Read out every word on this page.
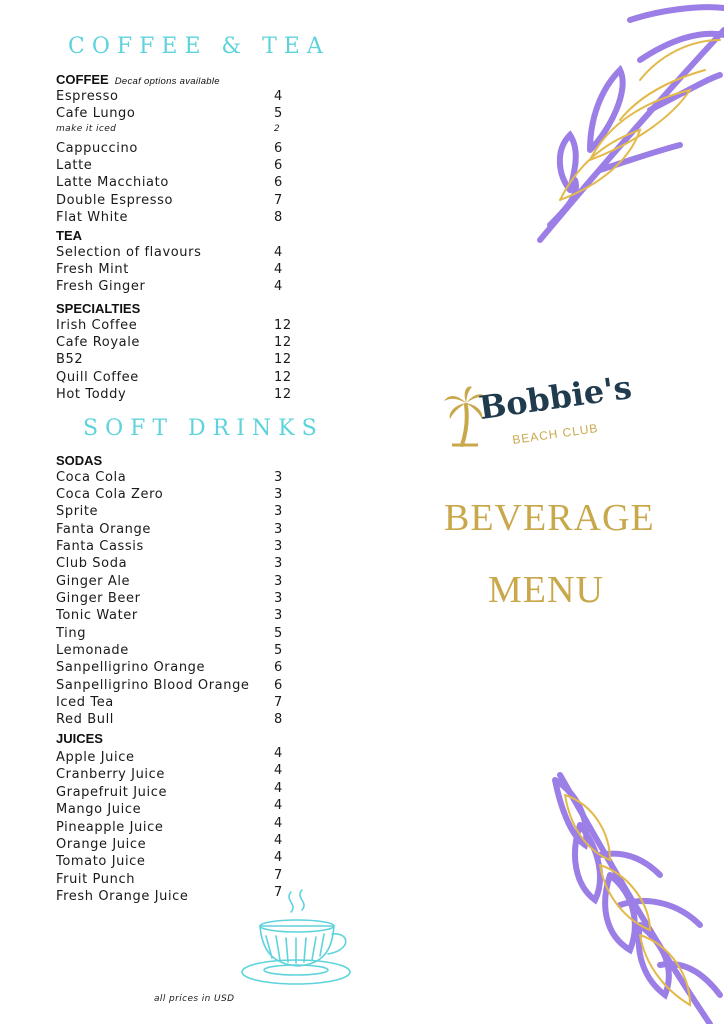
COFFEE & TEA
COFFEE Decaf options available
Espresso	4
Cafe Lungo	5
make it iced	2
Cappuccino	6
Latte	6
Latte Macchiato	6
Double Espresso	7
Flat White	8
TEA
Selection of flavours	4
Fresh Mint	4
Fresh Ginger	4
SPECIALTIES
Irish Coffee	12
Cafe Royale	12
B52	12
Quill Coffee	12
Hot Toddy	12
SOFT DRINKS
SODAS
Coca Cola	3
Coca Cola Zero	3
Sprite	3
Fanta Orange	3
Fanta Cassis	3
Club Soda	3
Ginger Ale	3
Ginger Beer	3
Tonic Water	3
Ting	5
Lemonade	5
Sanpelligrino Orange	6
Sanpelligrino Blood Orange 6
Iced Tea	7
Red Bull	8
JUICES
Apple Juice	4
Cranberry Juice	4
Grapefruit Juice	4
Mango Juice	4
Pineapple Juice	4
Orange Juice	4
Tomato Juice	4
Fruit Punch	7
Fresh Orange Juice	7
all prices in USD
Bobbie's
BEACH CLUB
BEVERAGE
MENU
